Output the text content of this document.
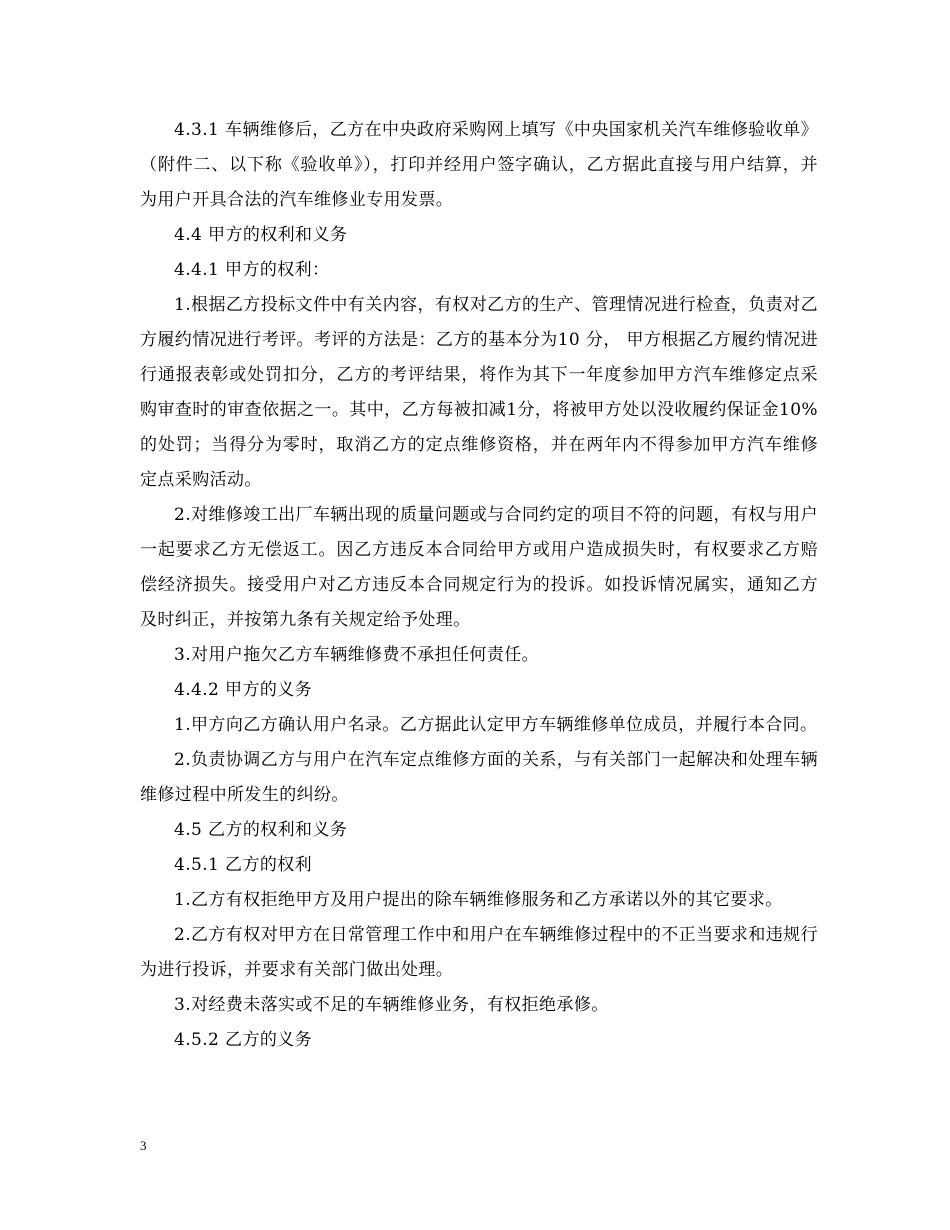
4.3.1 车辆维修后，乙方在中央政府采购网上填写《中央国家机关汽车维修验收单》（附件二、以下称《验收单》），打印并经用户签字确认，乙方据此直接与用户结算，并为用户开具合法的汽车维修业专用发票。

4.4 甲方的权利和义务

4.4.1 甲方的权利：

1.根据乙方投标文件中有关内容，有权对乙方的生产、管理情况进行检查，负责对乙方履约情况进行考评。考评的方法是：乙方的基本分为10 分， 甲方根据乙方履约情况进行通报表彰或处罚扣分，乙方的考评结果，将作为其下一年度参加甲方汽车维修定点采购审查时的审查依据之一。其中，乙方每被扣减1分，将被甲方处以没收履约保证金10%的处罚；当得分为零时，取消乙方的定点维修资格，并在两年内不得参加甲方汽车维修定点采购活动。

2.对维修竣工出厂车辆出现的质量问题或与合同约定的项目不符的问题，有权与用户一起要求乙方无偿返工。因乙方违反本合同给甲方或用户造成损失时，有权要求乙方赔偿经济损失。接受用户对乙方违反本合同规定行为的投诉。如投诉情况属实，通知乙方及时纠正，并按第九条有关规定给予处理。

3.对用户拖欠乙方车辆维修费不承担任何责任。

4.4.2 甲方的义务

1.甲方向乙方确认用户名录。乙方据此认定甲方车辆维修单位成员，并履行本合同。

2.负责协调乙方与用户在汽车定点维修方面的关系，与有关部门一起解决和处理车辆维修过程中所发生的纠纷。

4.5 乙方的权利和义务

4.5.1 乙方的权利

1.乙方有权拒绝甲方及用户提出的除车辆维修服务和乙方承诺以外的其它要求。

2.乙方有权对甲方在日常管理工作中和用户在车辆维修过程中的不正当要求和违规行为进行投诉，并要求有关部门做出处理。

3.对经费未落实或不足的车辆维修业务，有权拒绝承修。

4.5.2 乙方的义务

3
